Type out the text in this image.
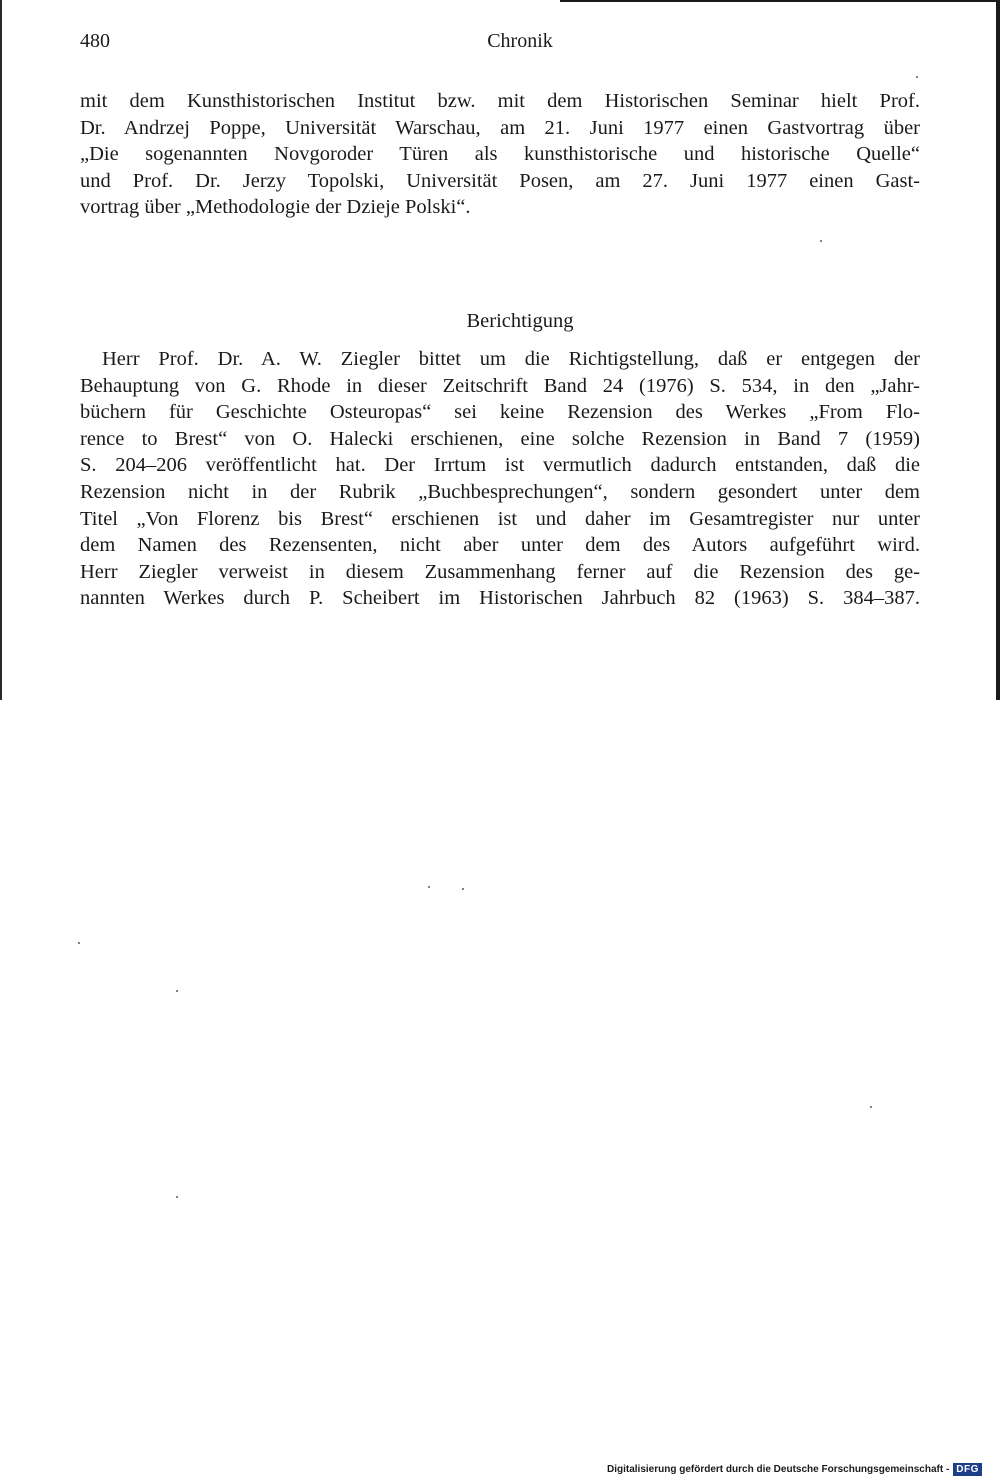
480	Chronik

mit dem Kunsthistorischen Institut bzw. mit dem Historischen Seminar hielt Prof.
Dr. Andrzej Poppe, Universität Warschau, am 21. Juni 1977 einen Gastvortrag über
„Die sogenannten Novgoroder Türen als kunsthistorische und historische Quelle“
und Prof. Dr. Jerzy Topolski, Universität Posen, am 27. Juni 1977 einen Gast-
vortrag über „Methodologie der Dzieje Polski“.

Berichtigung

Herr Prof. Dr. A. W. Ziegler bittet um die Richtigstellung, daß er entgegen der
Behauptung von G. Rhode in dieser Zeitschrift Band 24 (1976) S. 534, in den „Jahr-
büchern für Geschichte Osteuropas“ sei keine Rezension des Werkes „From Flo-
rence to Brest“ von O. Halecki erschienen, eine solche Rezension in Band 7 (1959)
S. 204–206 veröffentlicht hat. Der Irrtum ist vermutlich dadurch entstanden, daß die
Rezension nicht in der Rubrik „Buchbesprechungen“, sondern gesondert unter dem
Titel „Von Florenz bis Brest“ erschienen ist und daher im Gesamtregister nur unter
dem Namen des Rezensenten, nicht aber unter dem des Autors aufgeführt wird.
Herr Ziegler verweist in diesem Zusammenhang ferner auf die Rezension des ge-
nannten Werkes durch P. Scheibert im Historischen Jahrbuch 82 (1963) S. 384–387.

Digitalisierung gefördert durch die Deutsche Forschungsgemeinschaft - DFG
